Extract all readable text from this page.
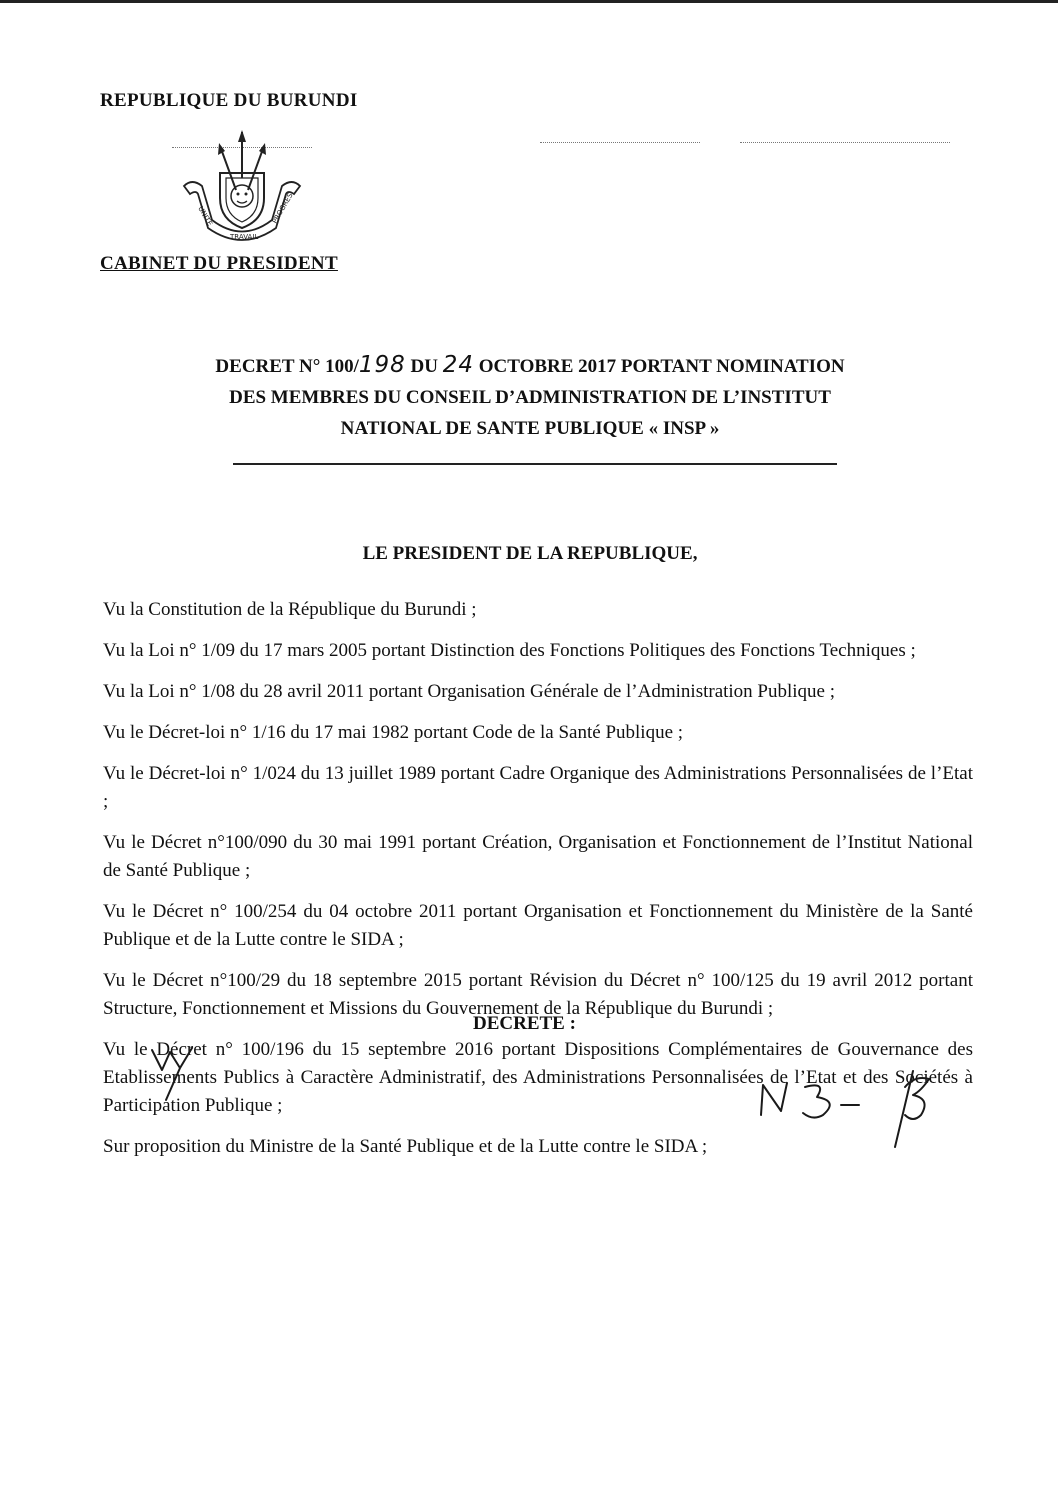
REPUBLIQUE DU BURUNDI
UNITE
TRAVAIL
PROGRES
CABINET DU PRESIDENT
DECRET N° 100/198 DU 24 OCTOBRE 2017 PORTANT NOMINATION
DES MEMBRES DU CONSEIL D’ADMINISTRATION DE L’INSTITUT
NATIONAL DE SANTE PUBLIQUE « INSP »
LE PRESIDENT DE LA REPUBLIQUE,

Vu la Constitution de la République du Burundi ;

Vu la Loi n° 1/09 du 17 mars 2005 portant Distinction des Fonctions Politiques des Fonctions Techniques ;

Vu la Loi n° 1/08 du 28 avril 2011 portant Organisation Générale de l’Administration Publique ;

Vu le Décret-loi n° 1/16 du 17 mai 1982 portant Code de la Santé Publique ;

Vu le Décret-loi n° 1/024 du 13 juillet 1989 portant Cadre Organique des Administrations Personnalisées de l’Etat ;

Vu le Décret n°100/090 du 30 mai 1991 portant Création, Organisation et Fonctionnement de l’Institut National de Santé Publique ;

Vu le Décret n° 100/254 du 04 octobre 2011 portant Organisation et Fonctionnement du Ministère de la Santé Publique et de la Lutte contre le SIDA ;

Vu le Décret n°100/29 du 18 septembre 2015 portant Révision du Décret n° 100/125 du 19 avril 2012 portant Structure, Fonctionnement et Missions du Gouvernement de la République du Burundi ;

Vu le Décret n° 100/196 du 15 septembre 2016 portant Dispositions Complémentaires de Gouvernance des Etablissements Publics à Caractère Administratif, des Administrations Personnalisées de l’Etat et des Sociétés à Participation Publique ;

Sur proposition du Ministre de la Santé Publique et de la Lutte contre le SIDA ;

DECRETE :
